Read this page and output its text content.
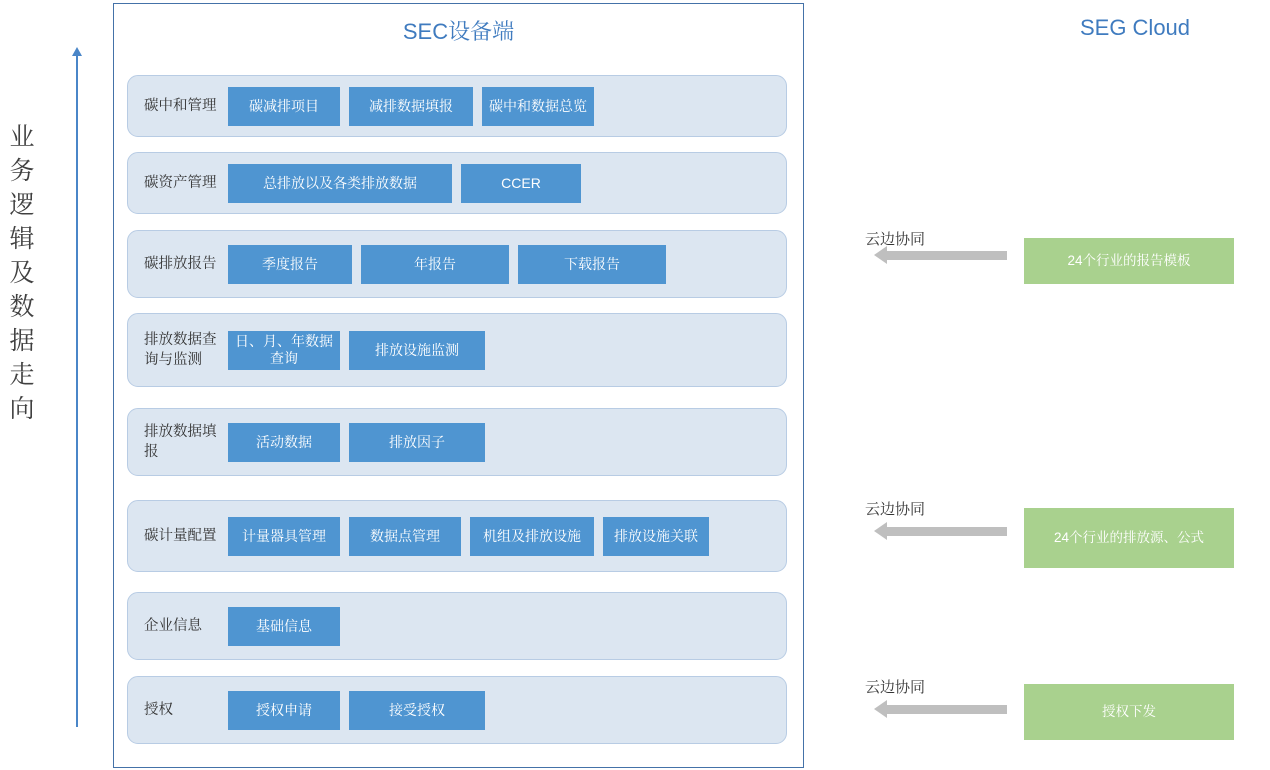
业
务
逻
辑
及
数
据
走
向
SEC设备端
碳中和管理	碳减排项目	减排数据填报	碳中和数据总览
碳资产管理	总排放以及各类排放数据	CCER
碳排放报告	季度报告	年报告	下载报告
排放数据查询与监测
日、月、年数据查询
排放设施监测
排放数据填报
活动数据	排放因子
碳计量配置	计量器具管理	数据点管理	机组及排放设施	排放设施关联
企业信息	基础信息
授权	授权申请	接受授权
SEG Cloud
云边协同
24个行业的报告模板
云边协同
24个行业的排放源、公式
云边协同
授权下发
